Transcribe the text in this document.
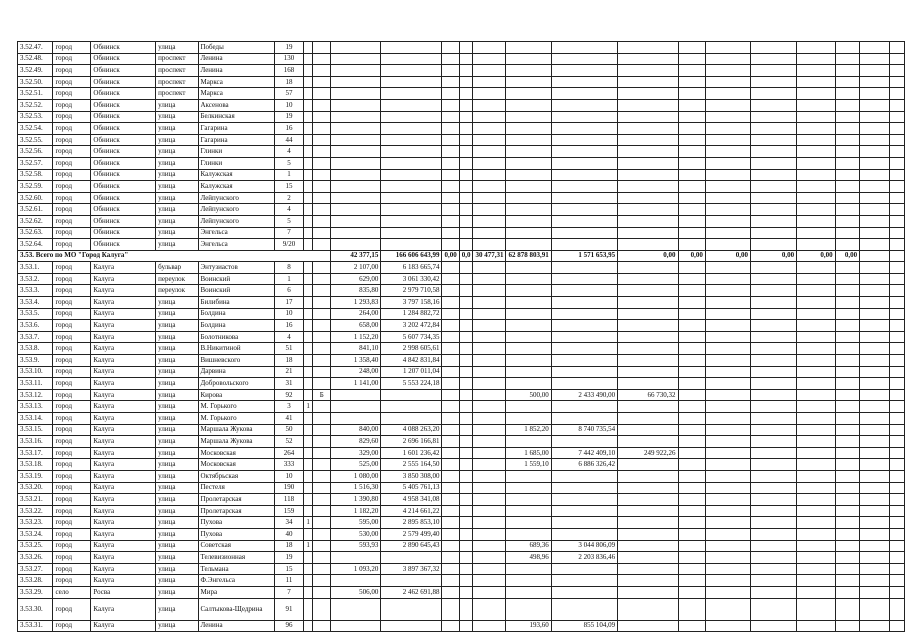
3.52.47.	город	Обнинск	улица	Победы	19																	
3.52.48.	город	Обнинск	проспект	Ленина	130																	
3.52.49.	город	Обнинск	проспект	Ленина	168																	
3.52.50.	город	Обнинск	проспект	Маркса	18																	
3.52.51.	город	Обнинск	проспект	Маркса	57																	
3.52.52.	город	Обнинск	улица	Аксенова	10																	
3.52.53.	город	Обнинск	улица	Белкинская	19																	
3.52.54.	город	Обнинск	улица	Гагарина	16																	
3.52.55.	город	Обнинск	улица	Гагарина	44																	
3.52.56.	город	Обнинск	улица	Глинки	4																	
3.52.57.	город	Обнинск	улица	Глинки	5																	
3.52.58.	город	Обнинск	улица	Калужская	1																	
3.52.59.	город	Обнинск	улица	Калужская	15																	
3.52.60.	город	Обнинск	улица	Лейпунского	2																	
3.52.61.	город	Обнинск	улица	Лейпунского	4																	
3.52.62.	город	Обнинск	улица	Лейпунского	5																	
3.52.63.	город	Обнинск	улица	Энгельса	7																	
3.52.64.	город	Обнинск	улица	Энгельса	9/20																	
3.53. Всего по МО "Город Калуга"								42 377,15	166 606 643,99	0,00	0,0	30 477,31	62 878 803,91	1 571 653,95	0,00	0,00	0,00	0,00	0,00	0,00		
3.53.1.	город	Калуга	бульвар	Энтузиастов	8			2 107,00	6 183 665,74													
3.53.2.	город	Калуга	переулок	Воинский	1			629,00	3 061 330,42													
3.53.3.	город	Калуга	переулок	Воинский	6			835,80	2 979 710,58													
3.53.4.	город	Калуга	улица	Билибина	17			1 293,83	3 797 158,16													
3.53.5.	город	Калуга	улица	Болдина	10			264,00	1 284 882,72													
3.53.6.	город	Калуга	улица	Болдина	16			658,00	3 202 472,84													
3.53.7.	город	Калуга	улица	Болотникова	4			1 152,20	5 607 734,35													
3.53.8.	город	Калуга	улица	В.Никитиной	51			841,10	2 998 605,61													
3.53.9.	город	Калуга	улица	Вишневского	18			1 358,40	4 842 831,84													
3.53.10.	город	Калуга	улица	Дарвина	21			248,00	1 207 011,04													
3.53.11.	город	Калуга	улица	Добровольского	31			1 141,00	5 553 224,18													
3.53.12.	город	Калуга	улица	Кирова	92		Б						500,00	2 433 490,00	66 730,32							
3.53.13.	город	Калуга	улица	М. Горького	3	1																
3.53.14.	город	Калуга	улица	М. Горького	41																	
3.53.15.	город	Калуга	улица	Маршала Жукова	50			840,00	4 088 263,20				1 852,20	8 740 735,54								
3.53.16.	город	Калуга	улица	Маршала Жукова	52			829,60	2 696 166,81													
3.53.17.	город	Калуга	улица	Московская	264			329,00	1 601 236,42				1 685,00	7 442 409,10	249 922,26							
3.53.18.	город	Калуга	улица	Московская	333			525,00	2 555 164,50				1 559,10	6 886 326,42								
3.53.19.	город	Калуга	улица	Октябрьская	10			1 080,00	3 850 308,00													
3.53.20.	город	Калуга	улица	Пестеля	190			1 516,30	5 405 761,13													
3.53.21.	город	Калуга	улица	Пролетарская	118			1 390,80	4 958 341,08													
3.53.22.	город	Калуга	улица	Пролетарская	159			1 182,20	4 214 661,22													
3.53.23.	город	Калуга	улица	Пухова	34	1		595,00	2 895 853,10													
3.53.24.	город	Калуга	улица	Пухова	40			530,00	2 579 499,40													
3.53.25.	город	Калуга	улица	Советская	18	1		593,93	2 890 645,43				689,36	3 044 806,09								
3.53.26.	город	Калуга	улица	Телевизионная	19								498,96	2 203 836,46								
3.53.27.	город	Калуга	улица	Тельмана	15			1 093,20	3 897 367,32													
3.53.28.	город	Калуга	улица	Ф.Энгельса	11																	
3.53.29.	село	Росва	улица	Мира	7			506,00	2 462 691,88													
3.53.30.	город	Калуга	улица	Салтыкова-Щедрина	91																	
3.53.31.	город	Калуга	улица	Ленина	96								193,60	855 104,09								
